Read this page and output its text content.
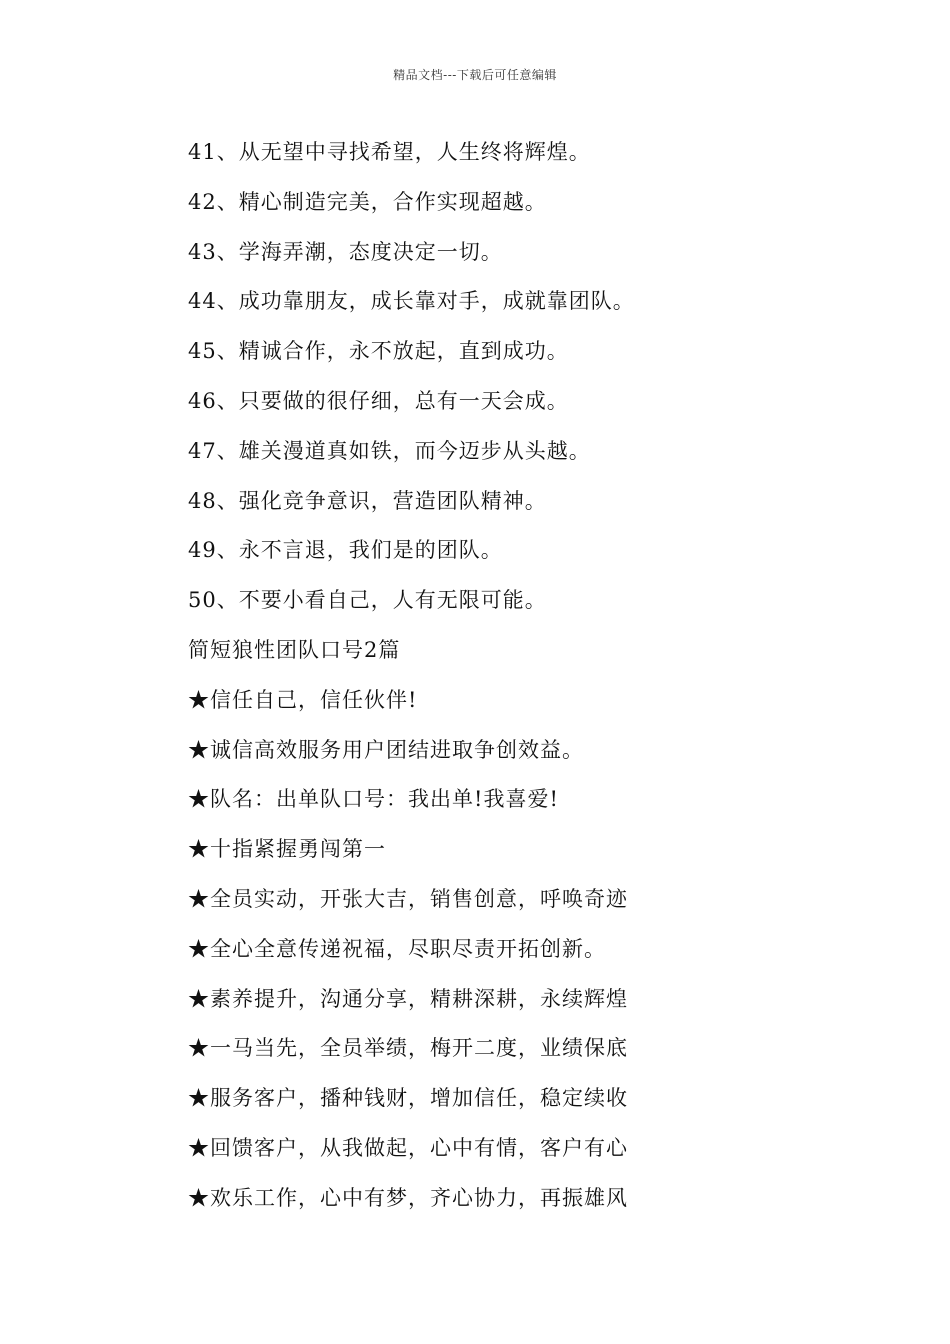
精品文档---下载后可任意编辑
41、从无望中寻找希望，人生终将辉煌。
42、精心制造完美，合作实现超越。
43、学海弄潮，态度决定一切。
44、成功靠朋友，成长靠对手，成就靠团队。
45、精诚合作，永不放起，直到成功。
46、只要做的很仔细，总有一天会成。
47、雄关漫道真如铁，而今迈步从头越。
48、强化竞争意识，营造团队精神。
49、永不言退，我们是的团队。
50、不要小看自己，人有无限可能。
简短狼性团队口号2篇
★信任自己，信任伙伴!
★诚信高效服务用户团结进取争创效益。
★队名：出单队口号：我出单!我喜爱!
★十指紧握勇闯第一
★全员实动，开张大吉，销售创意，呼唤奇迹
★全心全意传递祝福，尽职尽责开拓创新。
★素养提升，沟通分享，精耕深耕，永续辉煌
★一马当先，全员举绩，梅开二度，业绩保底
★服务客户，播种钱财，增加信任，稳定续收
★回馈客户，从我做起，心中有情，客户有心
★欢乐工作，心中有梦，齐心协力，再振雄风
